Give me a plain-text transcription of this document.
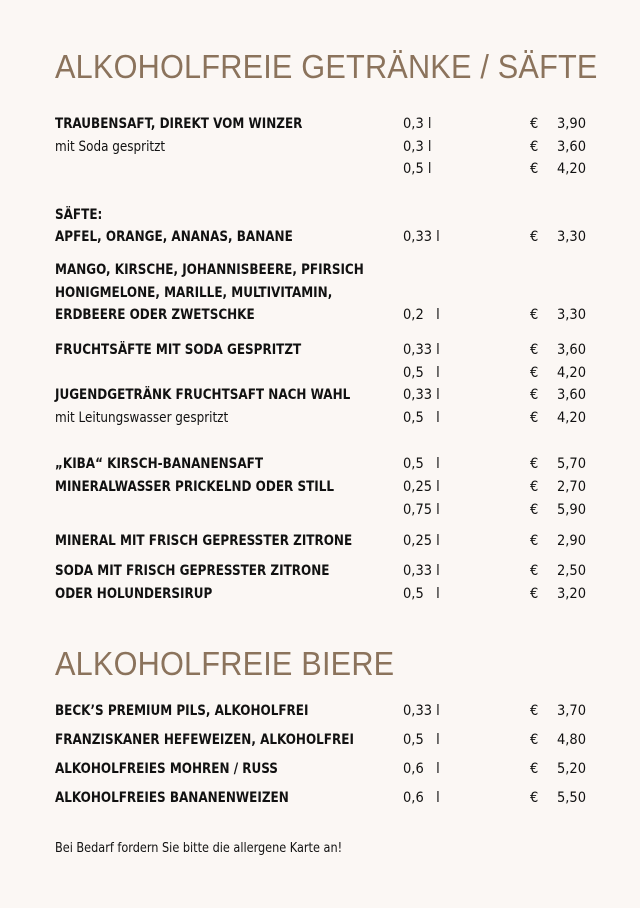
ALKOHOLFREIE GETRÄNKE / SÄFTE
TRAUBENSAFT, DIREKT VOM WINZER	0,3 l	€ 3,90
mit Soda gespritzt	0,3 l	€ 3,60
0,5 l	€ 4,20
SÄFTE:
APFEL, ORANGE, ANANAS, BANANE	0,33 l	€ 3,30
MANGO, KIRSCHE, JOHANNISBEERE, PFIRSICH
HONIGMELONE, MARILLE, MULTIVITAMIN,
ERDBEERE ODER ZWETSCHKE	0,2   l	€ 3,30
FRUCHTSÄFTE MIT SODA GESPRITZT	0,33 l	€ 3,60
0,5   l	€ 4,20
JUGENDGETRÄNK FRUCHTSAFT NACH WAHL	0,33 l	€ 3,60
mit Leitungswasser gespritzt	0,5   l	€ 4,20
„KIBA“ KIRSCH-BANANENSAFT	0,5   l	€ 5,70
MINERALWASSER PRICKELND ODER STILL	0,25 l	€ 2,70
0,75 l	€ 5,90
MINERAL MIT FRISCH GEPRESSTER ZITRONE	0,25 l	€ 2,90
SODA MIT FRISCH GEPRESSTER ZITRONE	0,33 l	€ 2,50
ODER HOLUNDERSIRUP	0,5   l	€ 3,20
ALKOHOLFREIE BIERE
BECK’S PREMIUM PILS, ALKOHOLFREI	0,33 l	€ 3,70
FRANZISKANER HEFEWEIZEN, ALKOHOLFREI	0,5   l	€ 4,80
ALKOHOLFREIES MOHREN / RUSS	0,6   l	€ 5,20
ALKOHOLFREIES BANANENWEIZEN	0,6   l	€ 5,50
Bei Bedarf fordern Sie bitte die allergene Karte an!
